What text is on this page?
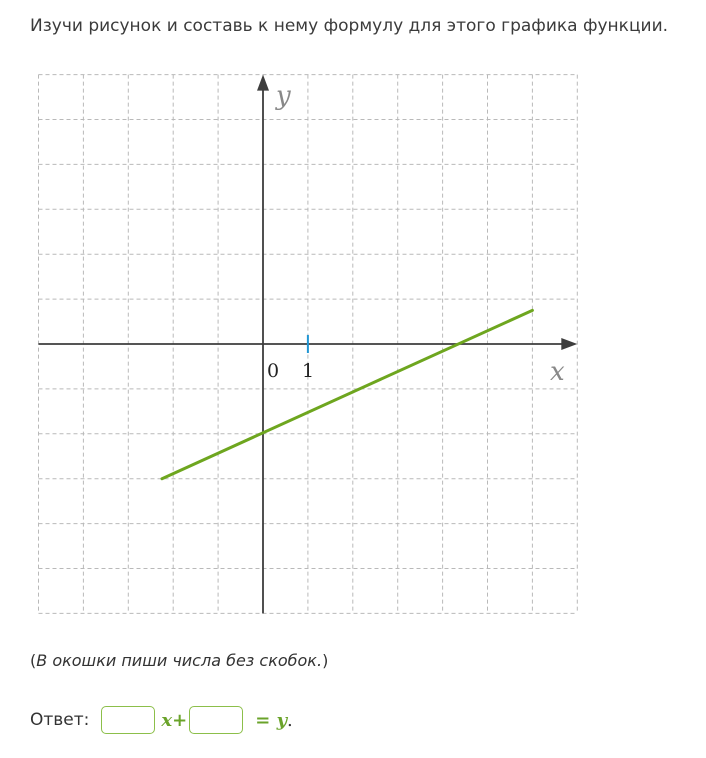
Изучи рисунок и составь к нему формулу для этого графика функции.
y
x
0 1
(В окошки пиши числа без скобок.)
Ответ:	x+	= y .
